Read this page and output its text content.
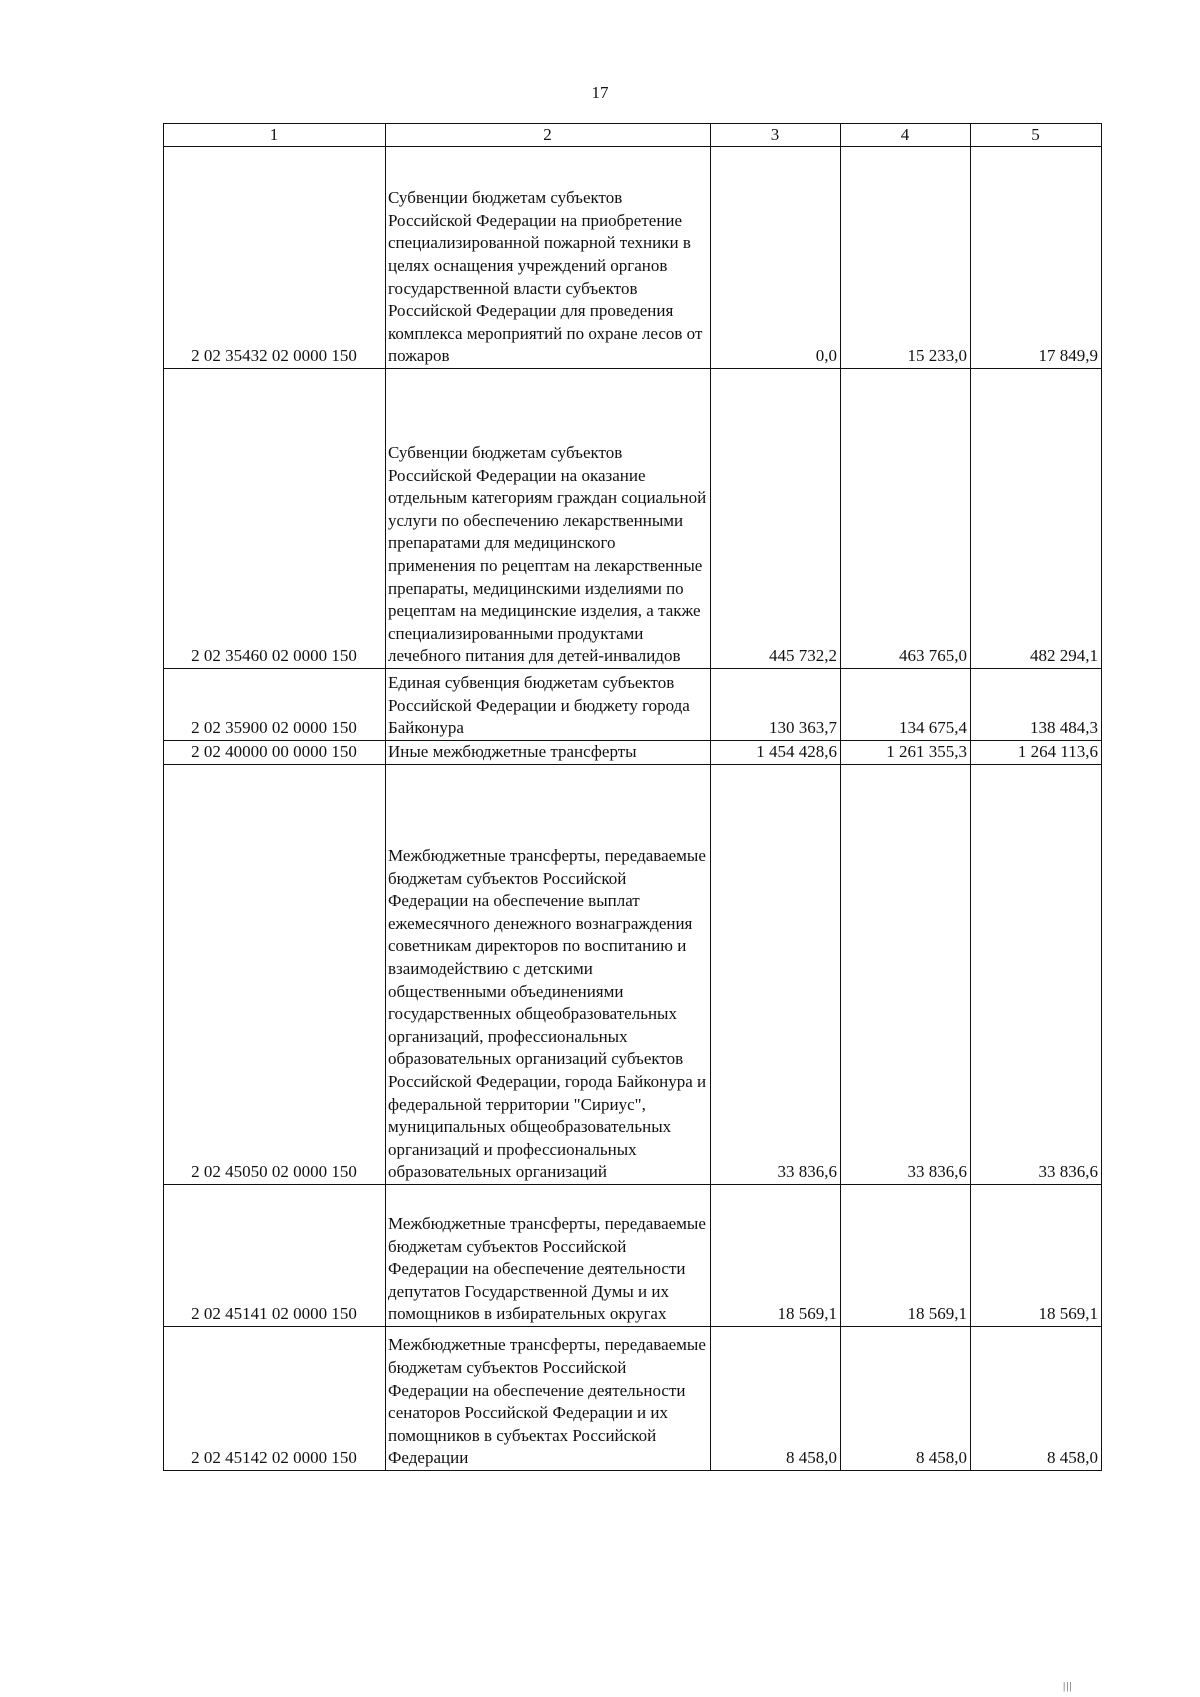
17
1	2	3	4	5
2 02 35432 02 0000 150	Субвенции бюджетам субъектов Российской Федерации на приобретение специализированной пожарной техники в целях оснащения учреждений органов государственной власти субъектов Российской Федерации для проведения комплекса мероприятий по охране лесов от пожаров	0,0	15 233,0	17 849,9
2 02 35460 02 0000 150	Субвенции бюджетам субъектов Российской Федерации на оказание отдельным категориям граждан социальной услуги по обеспечению лекарственными препаратами для медицинского применения по рецептам на лекарственные препараты, медицинскими изделиями по рецептам на медицинские изделия, а также специализированными продуктами лечебного питания для детей-инвалидов	445 732,2	463 765,0	482 294,1
2 02 35900 02 0000 150	Единая субвенция бюджетам субъектов Российской Федерации и бюджету города Байконура	130 363,7	134 675,4	138 484,3
2 02 40000 00 0000 150	Иные межбюджетные трансферты	1 454 428,6	1 261 355,3	1 264 113,6
2 02 45050 02 0000 150	Межбюджетные трансферты, передаваемые бюджетам субъектов Российской Федерации на обеспечение выплат ежемесячного денежного вознаграждения советникам директоров по воспитанию и взаимодействию с детскими общественными объединениями государственных общеобразовательных организаций, профессиональных образовательных организаций субъектов Российской Федерации, города Байконура и федеральной территории "Сириус", муниципальных общеобразовательных организаций и профессиональных образовательных организаций	33 836,6	33 836,6	33 836,6
2 02 45141 02 0000 150	Межбюджетные трансферты, передаваемые бюджетам субъектов Российской Федерации на обеспечение деятельности депутатов Государственной Думы и их помощников в избирательных округах	18 569,1	18 569,1	18 569,1
2 02 45142 02 0000 150	Межбюджетные трансферты, передаваемые бюджетам субъектов Российской Федерации на обеспечение деятельности сенаторов Российской Федерации и их помощников в субъектах Российской Федерации	8 458,0	8 458,0	8 458,0
|||
